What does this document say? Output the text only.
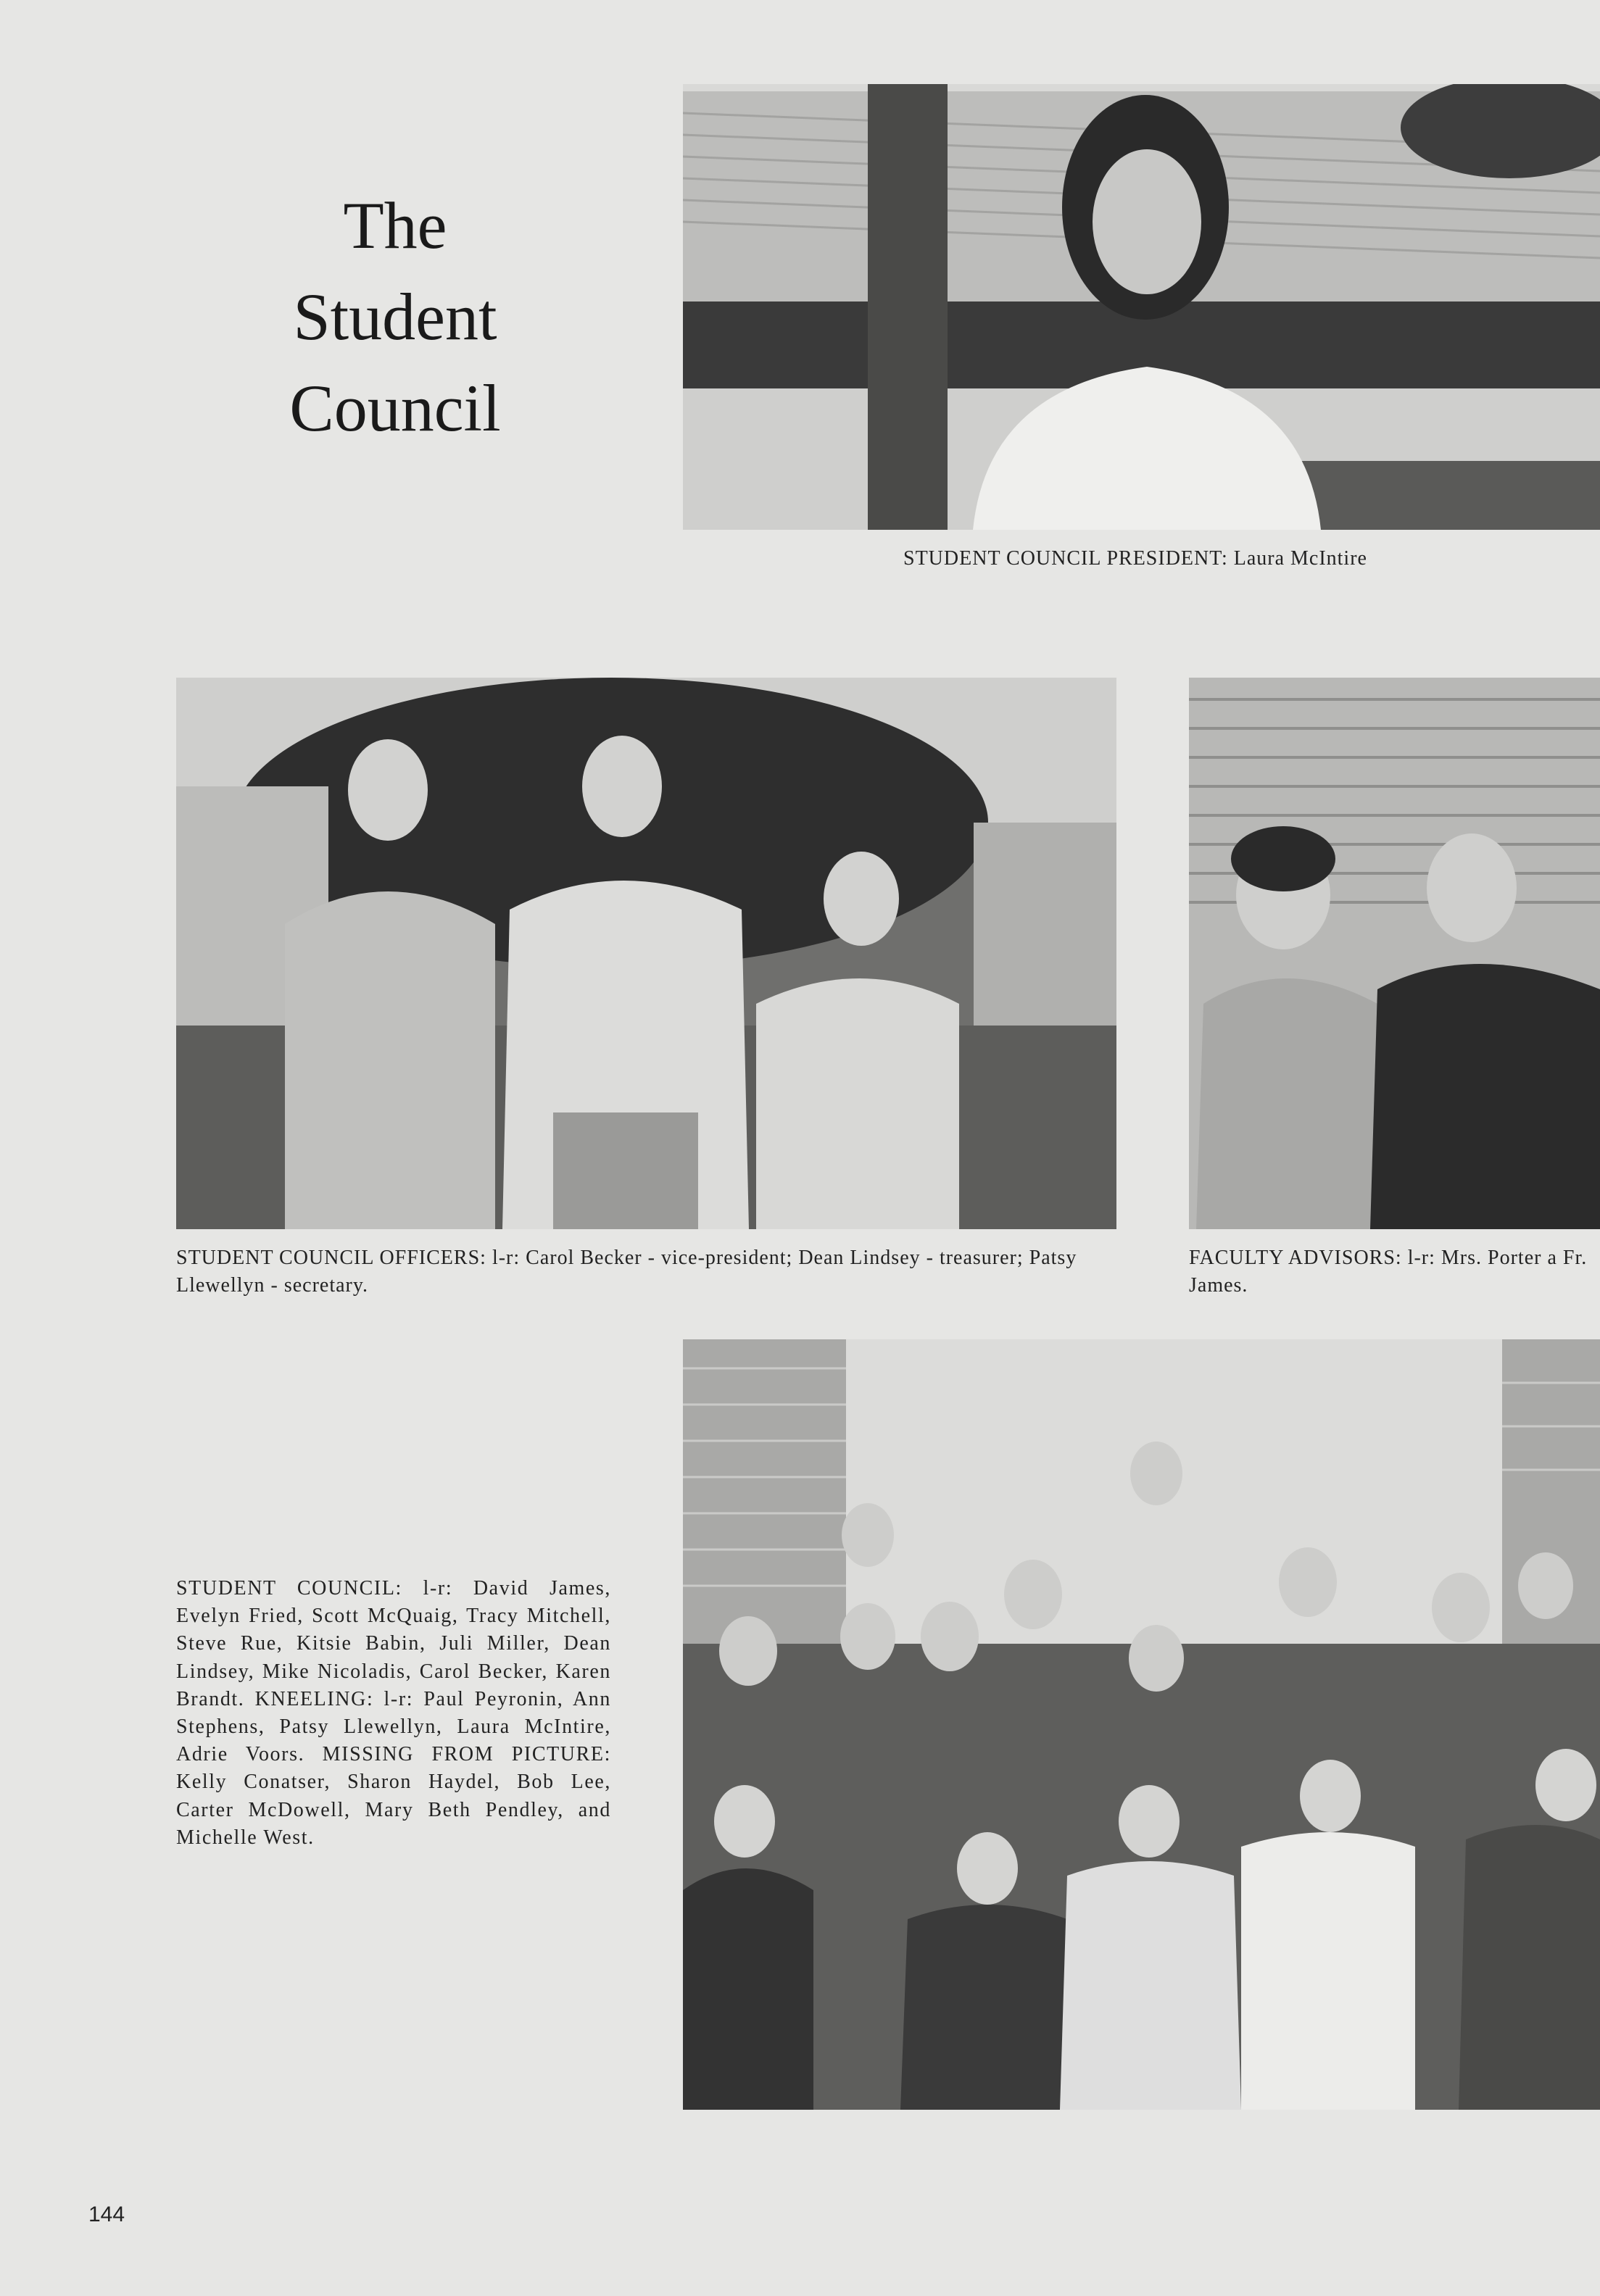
The
Student
Council
STUDENT COUNCIL PRESIDENT: Laura McIntire
STUDENT COUNCIL OFFICERS: l-r: Carol Becker - vice-president; Dean Lindsey - treasurer; Patsy Llewellyn - secretary.
FACULTY ADVISORS: l-r: Mrs. Porter a Fr. James.
STUDENT COUNCIL: l-r: David James, Evelyn Fried, Scott McQuaig, Tracy Mitchell, Steve Rue, Kitsie Babin, Juli Miller, Dean Lindsey, Mike Nicoladis, Carol Becker, Karen Brandt. KNEELING: l-r: Paul Peyronin, Ann Stephens, Patsy Llewellyn, Laura McIntire, Adrie Voors. MISSING FROM PICTURE: Kelly Conatser, Sharon Haydel, Bob Lee, Carter McDowell, Mary Beth Pendley, and Michelle West.
144
